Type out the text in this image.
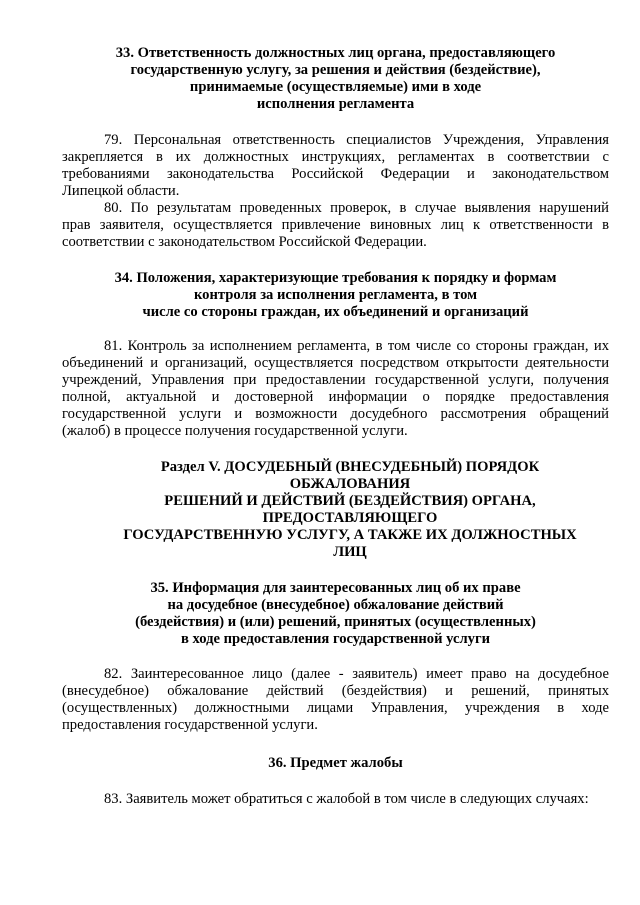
33. Ответственность должностных лиц органа, предоставляющего
государственную услугу, за решения и действия (бездействие),
принимаемые (осуществляемые) ими в ходе
исполнения регламента
79. Персональная ответственность специалистов Учреждения, Управления
закрепляется в их должностных инструкциях, регламентах в соответствии с
требованиями законодательства Российской Федерации и законодательством
Липецкой области.
80. По результатам проведенных проверок, в случае выявления нарушений
прав заявителя, осуществляется привлечение виновных лиц к ответственности в
соответствии с законодательством Российской Федерации.
34. Положения, характеризующие требования к порядку и формам
контроля за исполнения регламента, в том
числе со стороны граждан, их объединений и организаций
81. Контроль за исполнением регламента, в том числе со стороны граждан, их
объединений и организаций, осуществляется посредством открытости деятельности
учреждений, Управления при предоставлении государственной услуги, получения
полной, актуальной и достоверной информации о порядке предоставления
государственной услуги и возможности досудебного рассмотрения обращений
(жалоб) в процессе получения государственной услуги.
Раздел V. ДОСУДЕБНЫЙ (ВНЕСУДЕБНЫЙ) ПОРЯДОК
ОБЖАЛОВАНИЯ
РЕШЕНИЙ И ДЕЙСТВИЙ (БЕЗДЕЙСТВИЯ) ОРГАНА,
ПРЕДОСТАВЛЯЮЩЕГО
ГОСУДАРСТВЕННУЮ УСЛУГУ, А ТАКЖЕ ИХ ДОЛЖНОСТНЫХ
ЛИЦ
35. Информация для заинтересованных лиц об их праве
на досудебное (внесудебное) обжалование действий
(бездействия) и (или) решений, принятых (осуществленных)
в ходе предоставления государственной услуги
82. Заинтересованное лицо (далее - заявитель) имеет право на досудебное
(внесудебное) обжалование действий (бездействия) и решений, принятых
(осуществленных) должностными лицами Управления, учреждения в ходе
предоставления государственной услуги.
36. Предмет жалобы
83. Заявитель может обратиться с жалобой в том числе в следующих случаях:
